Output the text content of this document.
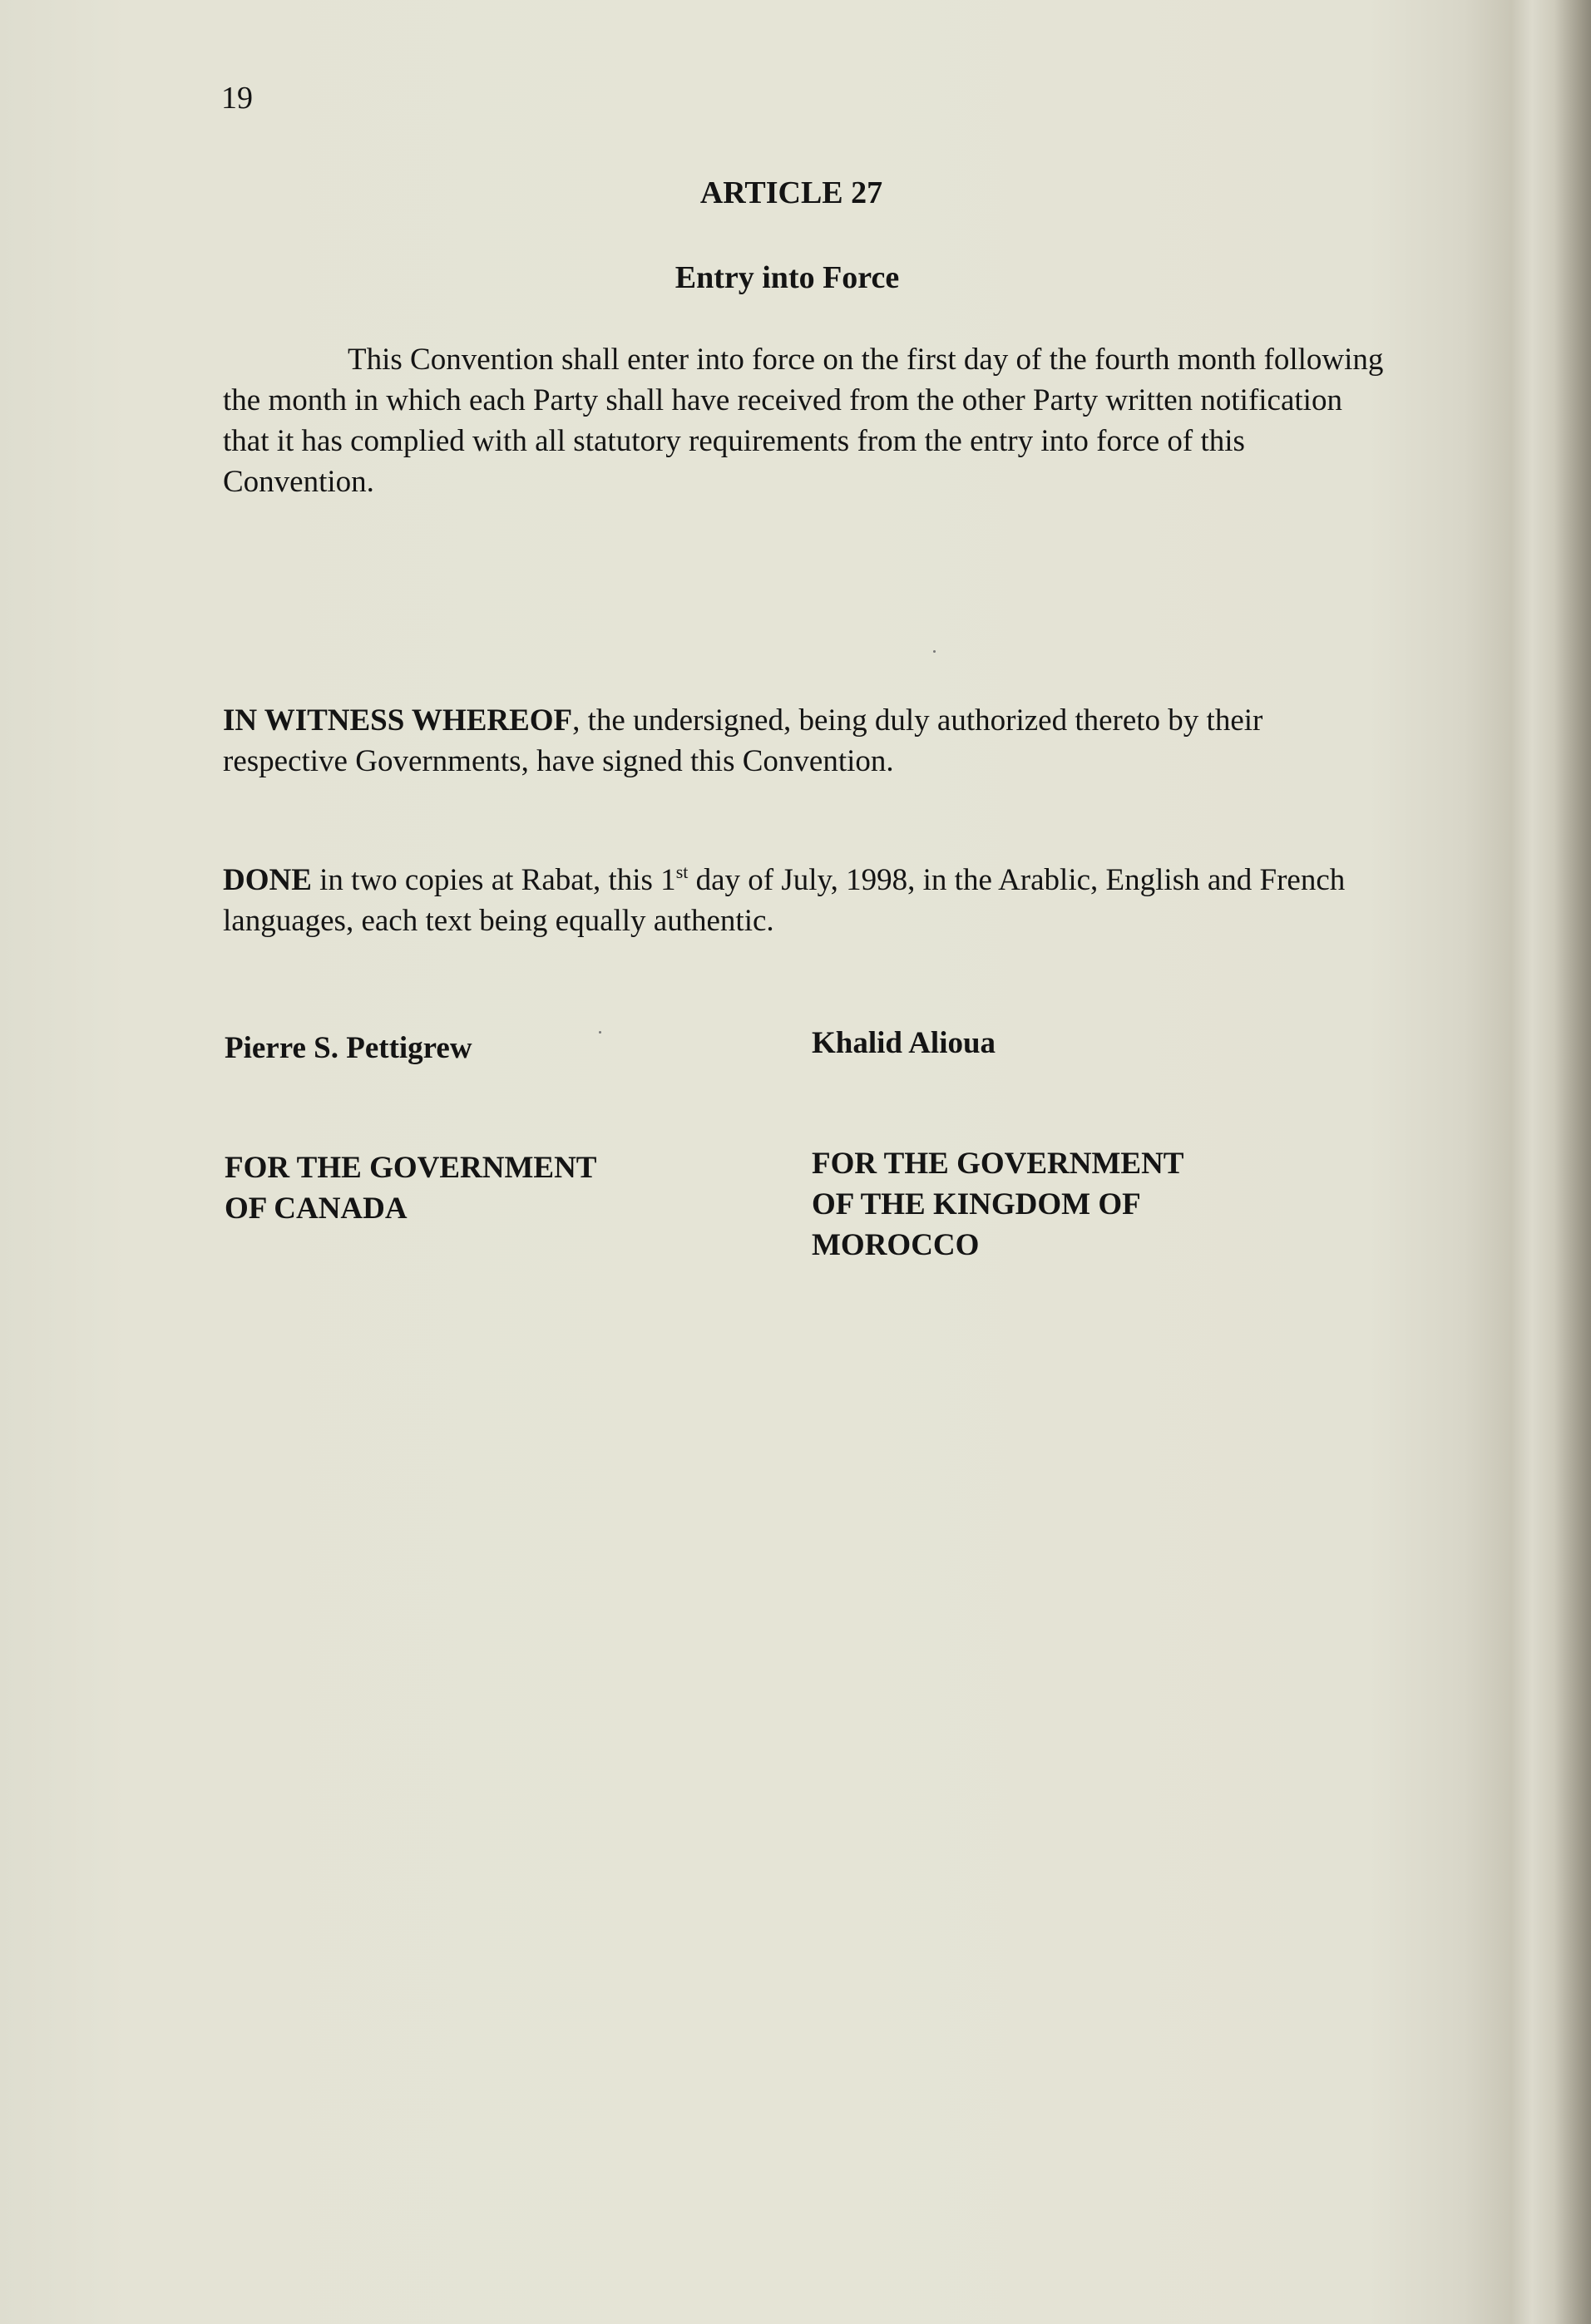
19
ARTICLE 27
Entry into Force
This Convention shall enter into force on the first day of the fourth month following the month in which each Party shall have received from the other Party written notification that it has complied with all statutory requirements from the entry into force of this Convention.
IN WITNESS WHEREOF, the undersigned, being duly authorized thereto by their respective Governments, have signed this Convention.
DONE in two copies at Rabat, this 1st day of July, 1998, in the Arablic, English and French languages, each text being equally authentic.
Pierre S. Pettigrew	Khalid Alioua
FOR THE GOVERNMENT
OF CANADA
FOR THE GOVERNMENT
OF THE KINGDOM OF
MOROCCO
